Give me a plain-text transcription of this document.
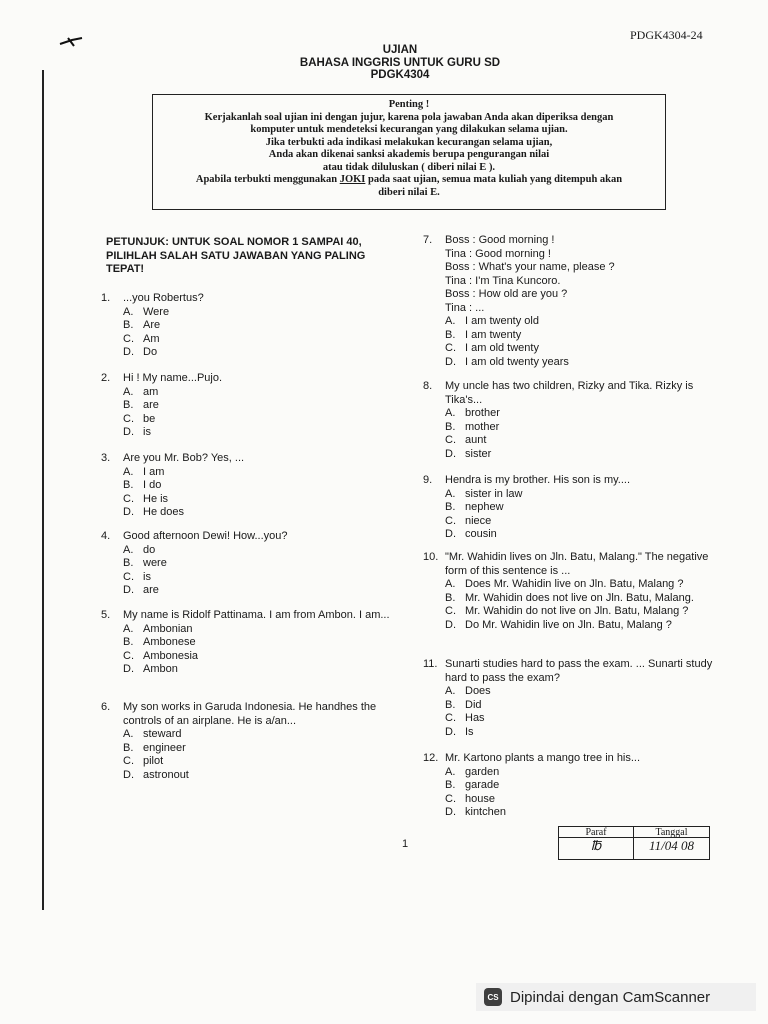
PDGK4304-24
UJIAN
BAHASA INGGRIS UNTUK GURU SD
PDGK4304
Penting !
Kerjakanlah soal ujian ini dengan jujur, karena pola jawaban Anda akan diperiksa dengan
komputer untuk mendeteksi kecurangan yang dilakukan selama ujian.
Jika terbukti ada indikasi melakukan kecurangan selama ujian,
Anda akan dikenai sanksi akademis berupa pengurangan nilai
atau tidak diluluskan ( diberi nilai E ).
Apabila terbukti menggunakan JOKI pada saat ujian, semua mata kuliah yang ditempuh akan
diberi nilai E.
PETUNJUK: UNTUK SOAL NOMOR 1 SAMPAI 40, PILIHLAH SALAH SATU JAWABAN YANG PALING TEPAT!
1.	...you Robertus?
A. Were
B. Are
C. Am
D. Do
2.	Hi ! My name...Pujo.
A. am
B. are
C. be
D. is
3.	Are you Mr. Bob? Yes, ...
A. I am
B. I do
C. He is
D. He does
4.	Good afternoon Dewi! How...you?
A. do
B. were
C. is
D. are
5.	My name is Ridolf Pattinama. I am from Ambon. I am...
A. Ambonian
B. Ambonese
C. Ambonesia
D. Ambon
6.	My son works in Garuda Indonesia. He handhes the controls of an airplane. He is a/an...
A. steward
B. engineer
C. pilot
D. astronout
7.	Boss : Good morning !
Tina : Good morning !
Boss : What's your name, please ?
Tina : I'm Tina Kuncoro.
Boss : How old are you ?
Tina : ...
A. I am twenty old
B. I am twenty
C. I am old twenty
D. I am old twenty years
8.	My uncle has two children, Rizky and Tika. Rizky is Tika's...
A. brother
B. mother
C. aunt
D. sister
9.	Hendra is my brother. His son is my....
A. sister in law
B. nephew
C. niece
D. cousin
10. "Mr. Wahidin lives on Jln. Batu, Malang." The negative form of this sentence is ...
A. Does Mr. Wahidin live on Jln. Batu, Malang ?
B. Mr. Wahidin does not live on Jln. Batu, Malang.
C. Mr. Wahidin do not live on Jln. Batu, Malang ?
D. Do Mr. Wahidin live on Jln. Batu, Malang ?
11. Sunarti studies hard to pass the exam. ... Sunarti study hard to pass the exam?
A. Does
B. Did
C. Has
D. Is
12. Mr. Kartono plants a mango tree in his...
A. garden
B. garade
C. house
D. kintchen
1
Paraf	Tanggal
℔	11/04 08
CS Dipindai dengan CamScanner
